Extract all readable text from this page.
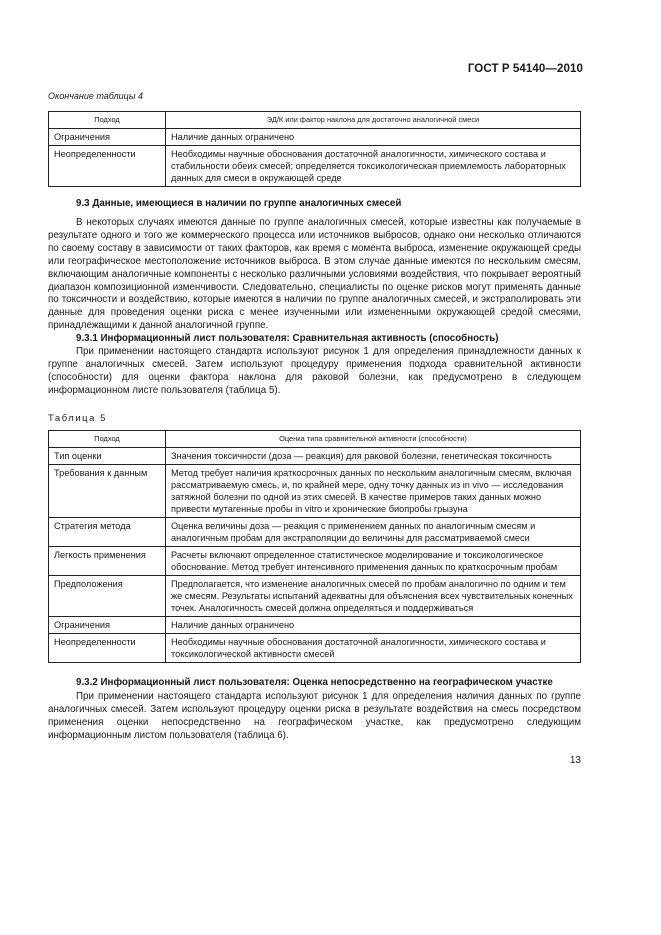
ГОСТ Р 54140—2010
Окончание таблицы 4
Подход	ЭД/К или фактор наклона для достаточно аналогичной смеси
Ограничения	Наличие данных ограничено
Неопределенности	Необходимы научные обоснования достаточной аналогичности, химического состава и стабильности обеих смесей; определяется токсикологическая приемлемость лабораторных данных для смеси в окружающей среде

9.3 Данные, имеющиеся в наличии по группе аналогичных смесей

В некоторых случаях имеются данные по группе аналогичных смесей, которые известны как получаемые в результате одного и того же коммерческого процесса или источников выбросов, однако они несколько отличаются по своему составу в зависимости от таких факторов, как время с момента выброса, изменение окружающей среды или географическое местоположение источников выброса. В этом случае данные имеются по нескольким смесям, включающим аналогичные компоненты с несколько различными условиями воздействия, что покрывает вероятный диапазон композиционной изменчивости. Следовательно, специалисты по оценке рисков могут применять данные по токсичности и воздействию, которые имеются в наличии по группе аналогичных смесей, и экстраполировать эти данные для проведения оценки риска с менее изученными или измененными окружающей средой смесями, принадлежащими к данной аналогичной группе.

9.3.1 Информационный лист пользователя: Сравнительная активность (способность)

При применении настоящего стандарта используют рисунок 1 для определения принадлежности данных к группе аналогичных смесей. Затем используют процедуру применения подхода сравнительной активности (способности) для оценки фактора наклона для раковой болезни, как предусмотрено в следующем информационном листе пользователя (таблица 5).

Таблица 5
Подход	Оценка типа сравнительной активности (способности)
Тип оценки	Значения токсичности (доза — реакция) для раковой болезни, генетическая токсичность
Требования к данным	Метод требует наличия краткосрочных данных по нескольким аналогичным смесям, включая рассматриваемую смесь, и, по крайней мере, одну точку данных из in vivo — исследования затяжной болезни по одной из этих смесей. В качестве примеров таких данных можно привести мутагенные пробы in vitro и хронические биопробы грызуна
Стратегия метода	Оценка величины доза — реакция с применением данных по аналогичным смесям и аналогичным пробам для экстраполяции до величины для рассматриваемой смеси
Легкость применения	Расчеты включают определенное статистическое моделирование и токсикологическое обоснование. Метод требует интенсивного применения данных по краткосрочным пробам
Предположения	Предполагается, что изменение аналогичных смесей по пробам аналогично по одним и тем же смесям. Результаты испытаний адекватны для объяснения всех чувствительных конечных точек. Аналогичность смесей должна определяться и поддерживаться
Ограничения	Наличие данных ограничено
Неопределенности	Необходимы научные обоснования достаточной аналогичности, химического состава и токсикологической активности смесей

9.3.2 Информационный лист пользователя: Оценка непосредственно на географическом участке

При применении настоящего стандарта используют рисунок 1 для определения наличия данных по группе аналогичных смесей. Затем используют процедуру оценки риска в результате воздействия на смесь посредством применения оценки непосредственно на географическом участке, как предусмотрено следующим информационным листом пользователя (таблица 6).

13
